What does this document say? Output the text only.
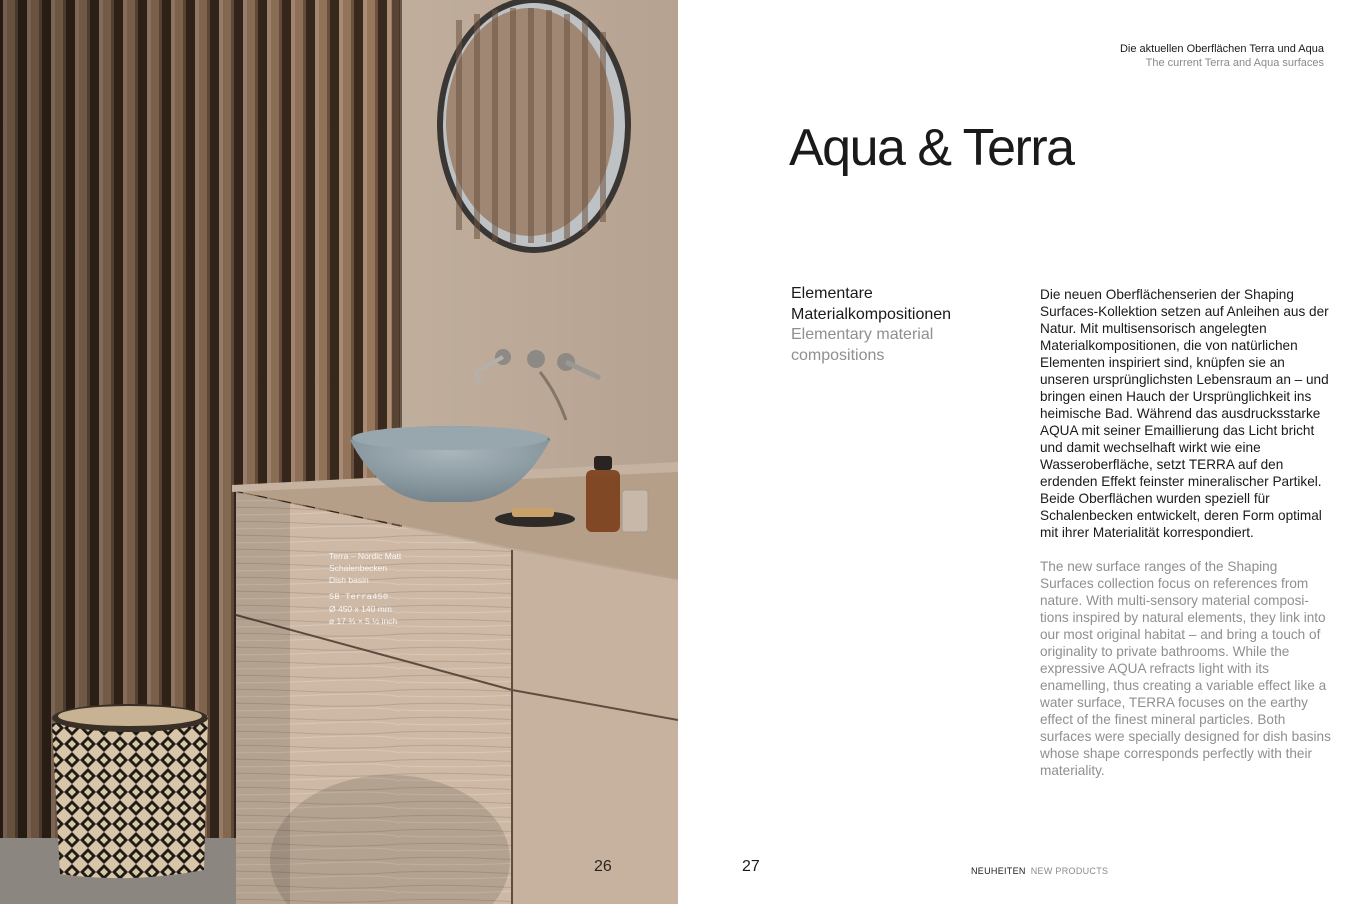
Terra – Nordic Matt
Schalenbecken
Dish basin
SB Terra450
Ø 450 x 140 mm
ø 17 ¾ × 5 ½ inch
26
Die aktuellen Oberflächen Terra und Aqua
The current Terra and Aqua surfaces
Aqua & Terra
Elementare
Materialkompositionen
Elementary material
compositions

Die neuen Oberflächenserien der Shaping Surfaces-Kollektion setzen auf Anleihen aus der Natur. Mit multisensorisch angelegten Materialkompositionen, die von natürlichen Elementen inspiriert sind, knüpfen sie an unseren ursprünglichsten Lebensraum an – und bringen einen Hauch der Ursprünglichkeit ins heimische Bad. Während das ausdrucksstarke AQUA mit seiner Emaillierung das Licht bricht und damit wechselhaft wirkt wie eine Wasseroberfläche, setzt TERRA auf den erdenden Effekt feinster mineralischer Partikel. Beide Oberflächen wurden speziell für Schalenbecken entwickelt, deren Form optimal mit ihrer Materialität korrespondiert.

The new surface ranges of the Shaping Surfaces collection focus on references from nature. With multi-sensory material compositions inspired by natural elements, they link into our most original habitat – and bring a touch of originality to private bathrooms. While the expressive AQUA refracts light with its enamelling, thus creating a variable effect like a water surface, TERRA focuses on the earthy effect of the finest mineral particles. Both surfaces were specially designed for dish basins whose shape corresponds perfectly with their materiality.

27	NEUHEITEN NEW PRODUCTS
